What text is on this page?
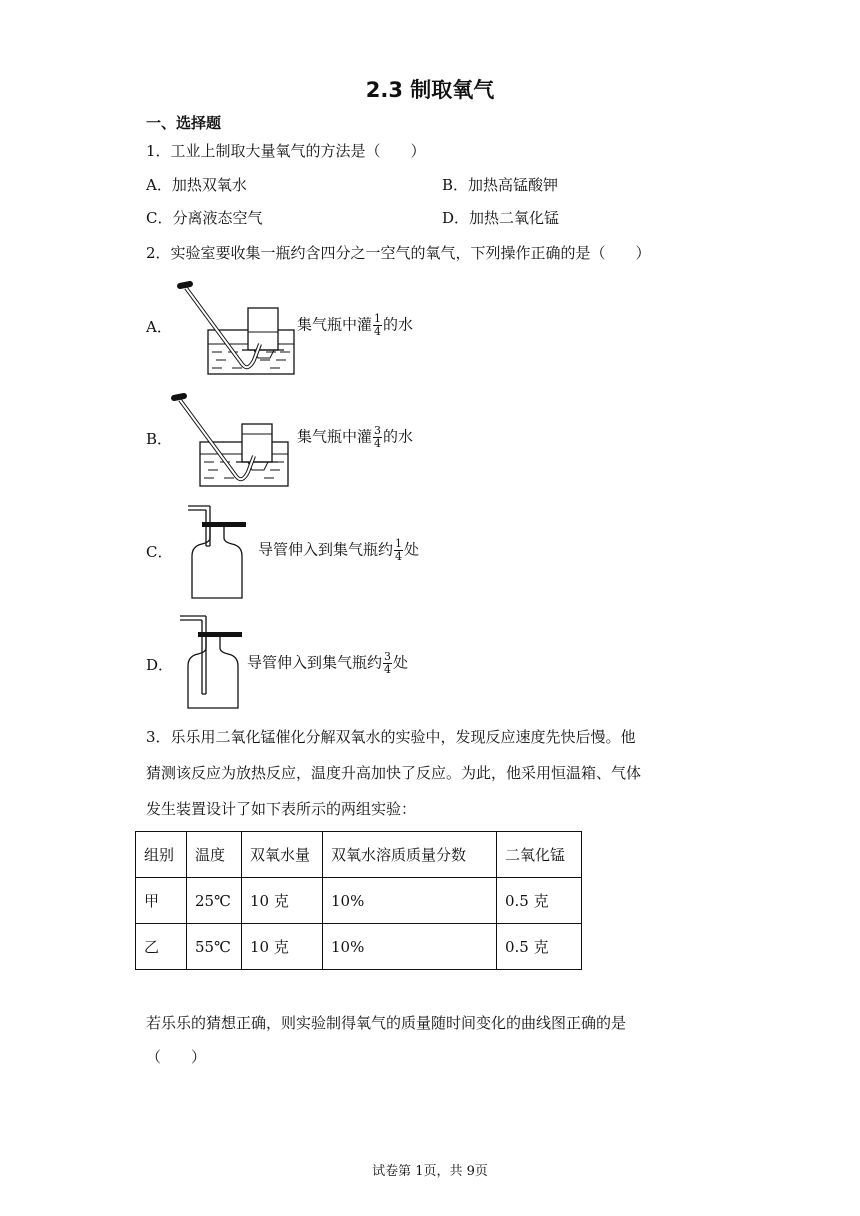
2.3 制取氧气
一、选择题
1．工业上制取大量氧气的方法是（　　）
A．加热双氧水	B．加热高锰酸钾
C．分离液态空气	D．加热二氧化锰
2．实验室要收集一瓶约含四分之一空气的氧气，下列操作正确的是（　　）
A．	集气瓶中灌 $\frac{1}{4}$ 的水
B．	集气瓶中灌 $\frac{3}{4}$ 的水
C．	导管伸入到集气瓶约 $\frac{1}{4}$ 处
D．	导管伸入到集气瓶约 $\frac{3}{4}$ 处
3．乐乐用二氧化锰催化分解双氧水的实验中，发现反应速度先快后慢。他
猜测该反应为放热反应，温度升高加快了反应。为此，他采用恒温箱、气体
发生装置设计了如下表所示的两组实验：
组别	温度	双氧水量	双氧水溶质质量分数	二氧化锰
甲	25℃	10 克	10%	0.5 克
乙	55℃	10 克	10%	0.5 克
若乐乐的猜想正确，则实验制得氧气的质量随时间变化的曲线图正确的是
（　　）
试卷第 1页，共 9页
